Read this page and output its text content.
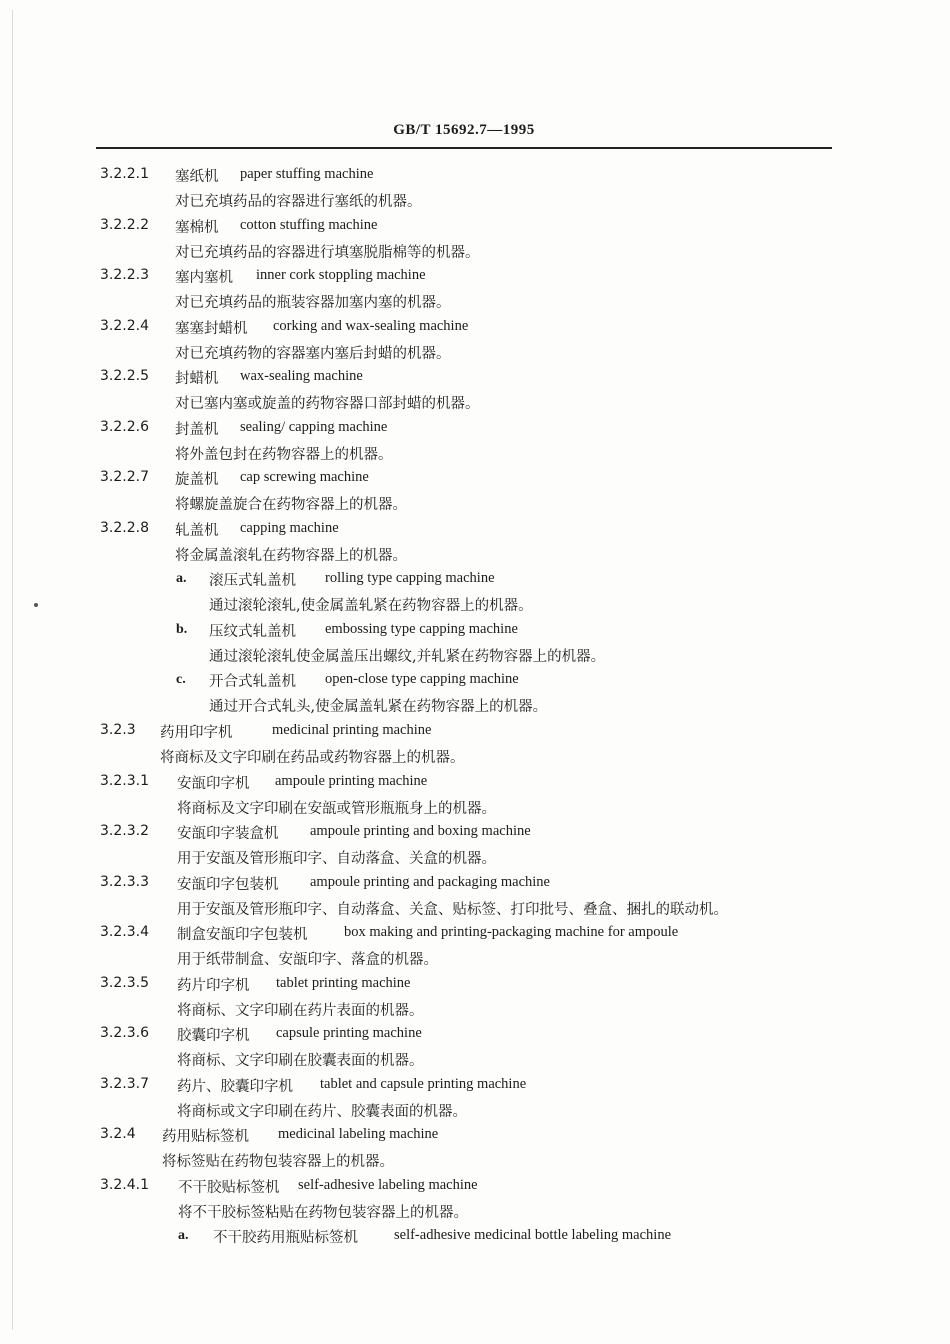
GB/T 15692.7—1995
3.2.2.1 塞纸机 paper stuffing machine
对已充填药品的容器进行塞纸的机器。
3.2.2.2 塞棉机 cotton stuffing machine
对已充填药品的容器进行填塞脱脂棉等的机器。
3.2.2.3 塞内塞机 inner cork stoppling machine
对已充填药品的瓶装容器加塞内塞的机器。
3.2.2.4 塞塞封蜡机 corking and wax-sealing machine
对已充填药物的容器塞内塞后封蜡的机器。
3.2.2.5 封蜡机 wax-sealing machine
对已塞内塞或旋盖的药物容器口部封蜡的机器。
3.2.2.6 封盖机 sealing/ capping machine
将外盖包封在药物容器上的机器。
3.2.2.7 旋盖机 cap screwing machine
将螺旋盖旋合在药物容器上的机器。
3.2.2.8 轧盖机 capping machine
将金属盖滚轧在药物容器上的机器。
a. 滚压式轧盖机 rolling type capping machine
通过滚轮滚轧,使金属盖轧紧在药物容器上的机器。
b. 压纹式轧盖机 embossing type capping machine
通过滚轮滚轧使金属盖压出螺纹,并轧紧在药物容器上的机器。
c. 开合式轧盖机 open-close type capping machine
通过开合式轧头,使金属盖轧紧在药物容器上的机器。
3.2.3 药用印字机	medicinal printing machine
将商标及文字印刷在药品或药物容器上的机器。
3.2.3.1 安瓿印字机 ampoule printing machine
将商标及文字印刷在安瓿或管形瓶瓶身上的机器。
3.2.3.2 安瓿印字装盒机 ampoule printing and boxing machine
用于安瓿及管形瓶印字、自动落盒、关盒的机器。
3.2.3.3 安瓿印字包装机 ampoule printing and packaging machine
用于安瓿及管形瓶印字、自动落盒、关盒、贴标签、打印批号、叠盒、捆扎的联动机。
3.2.3.4 制盒安瓿印字包装机	box making and printing-packaging machine for ampoule
用于纸带制盒、安瓿印字、落盒的机器。
3.2.3.5 药片印字机 tablet printing machine
将商标、文字印刷在药片表面的机器。
3.2.3.6 胶囊印字机 capsule printing machine
将商标、文字印刷在胶囊表面的机器。
3.2.3.7 药片、胶囊印字机 tablet and capsule printing machine
将商标或文字印刷在药片、胶囊表面的机器。
3.2.4 药用贴标签机 medicinal labeling machine
将标签贴在药物包装容器上的机器。
3.2.4.1 不干胶贴标签机 self-adhesive labeling machine
将不干胶标签粘贴在药物包装容器上的机器。
a. 不干胶药用瓶贴标签机 self-adhesive medicinal bottle labeling machine
